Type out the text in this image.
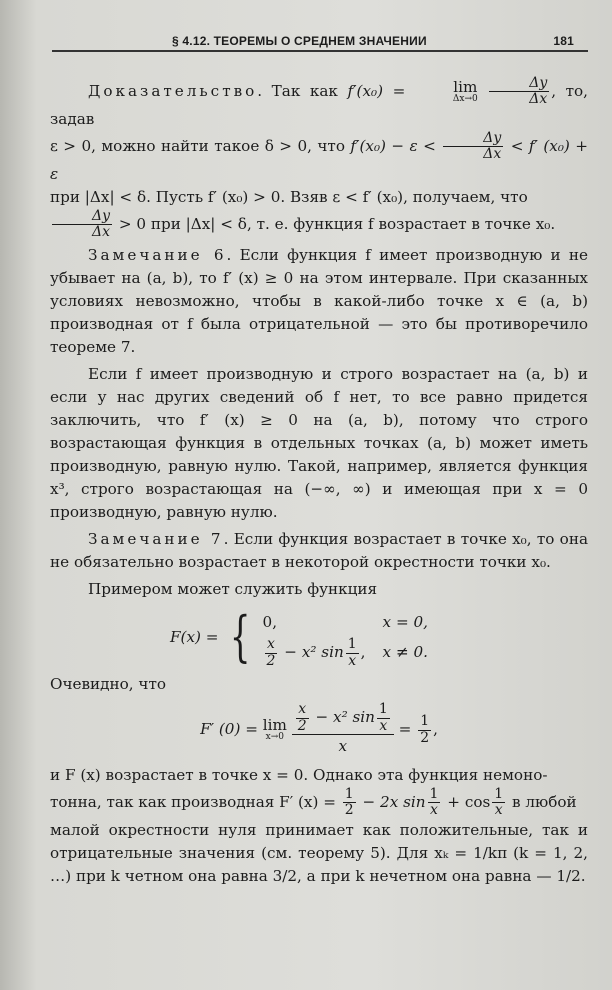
§ 4.12. ТЕОРЕМЫ О СРЕДНЕМ ЗНАЧЕНИИ	181

Доказательство. Так как f′(x₀) =	lim
Δx→0
$\frac{\Delta y}{\Delta x}$ , то, задав
ε > 0, можно найти такое δ > 0, что $f'(x_0) - \varepsilon < \frac{\Delta y}{\Delta x} < f'$ (x₀) + ε
при |Δx| < δ. Пусть f′ (x₀) > 0. Взяв ε < f′ (x₀), получаем, что

$\frac{\Delta y}{\Delta x} > 0$ при |Δx| < δ, т. е. функция f возрастает в точке x₀.

Замечание 6. Если функция f имеет производную и не убывает на (a, b), то f′ (x) ≥ 0 на этом интервале. При сказанных условиях невозможно, чтобы в какой-либо точке x ∈ (a, b) производная от f была отрицательной — это бы противоречило теореме 7.

Если f имеет производную и строго возрастает на (a, b) и если у нас других сведений об f нет, то все равно придется заключить, что f′ (x) ≥ 0 на (a, b), потому что строго возрастающая функция в отдельных точках (a, b) может иметь производную, равную нулю. Такой, например, является функция x³, строго возрастающая на (−∞, ∞) и имеющая при x = 0 производную, равную нулю.

Замечание 7. Если функция возрастает в точке x₀, то она не обязательно возрастает в некоторой окрестности точки x₀.

Примером может служить функция

F(x) = { 0,	x = 0,
$\frac{x}{2} - x^2$ $\sin \frac{1}{x}$ , x ≠ 0.

Очевидно, что

F′ (0) = lim
x→0
$\frac{\frac{x}{2} - x^2 \sin \frac{1}{x}}{x} = \frac{1}{2}$ ,

и F (x) возрастает в точке x = 0. Однако эта функция немоно-
тонна, так как производная F′ $(x) = \frac{1}{2} - 2x$ $\sin \frac{1}{x} + \cos \frac{1}{x}$ в любой
малой окрестности нуля принимает как положительные, так и отрицательные значения (см. теорему 5). Для xₖ = 1/kπ (k = 1, 2, …) при k четном она равна 3/2, а при k нечетном она равна — 1/2.
